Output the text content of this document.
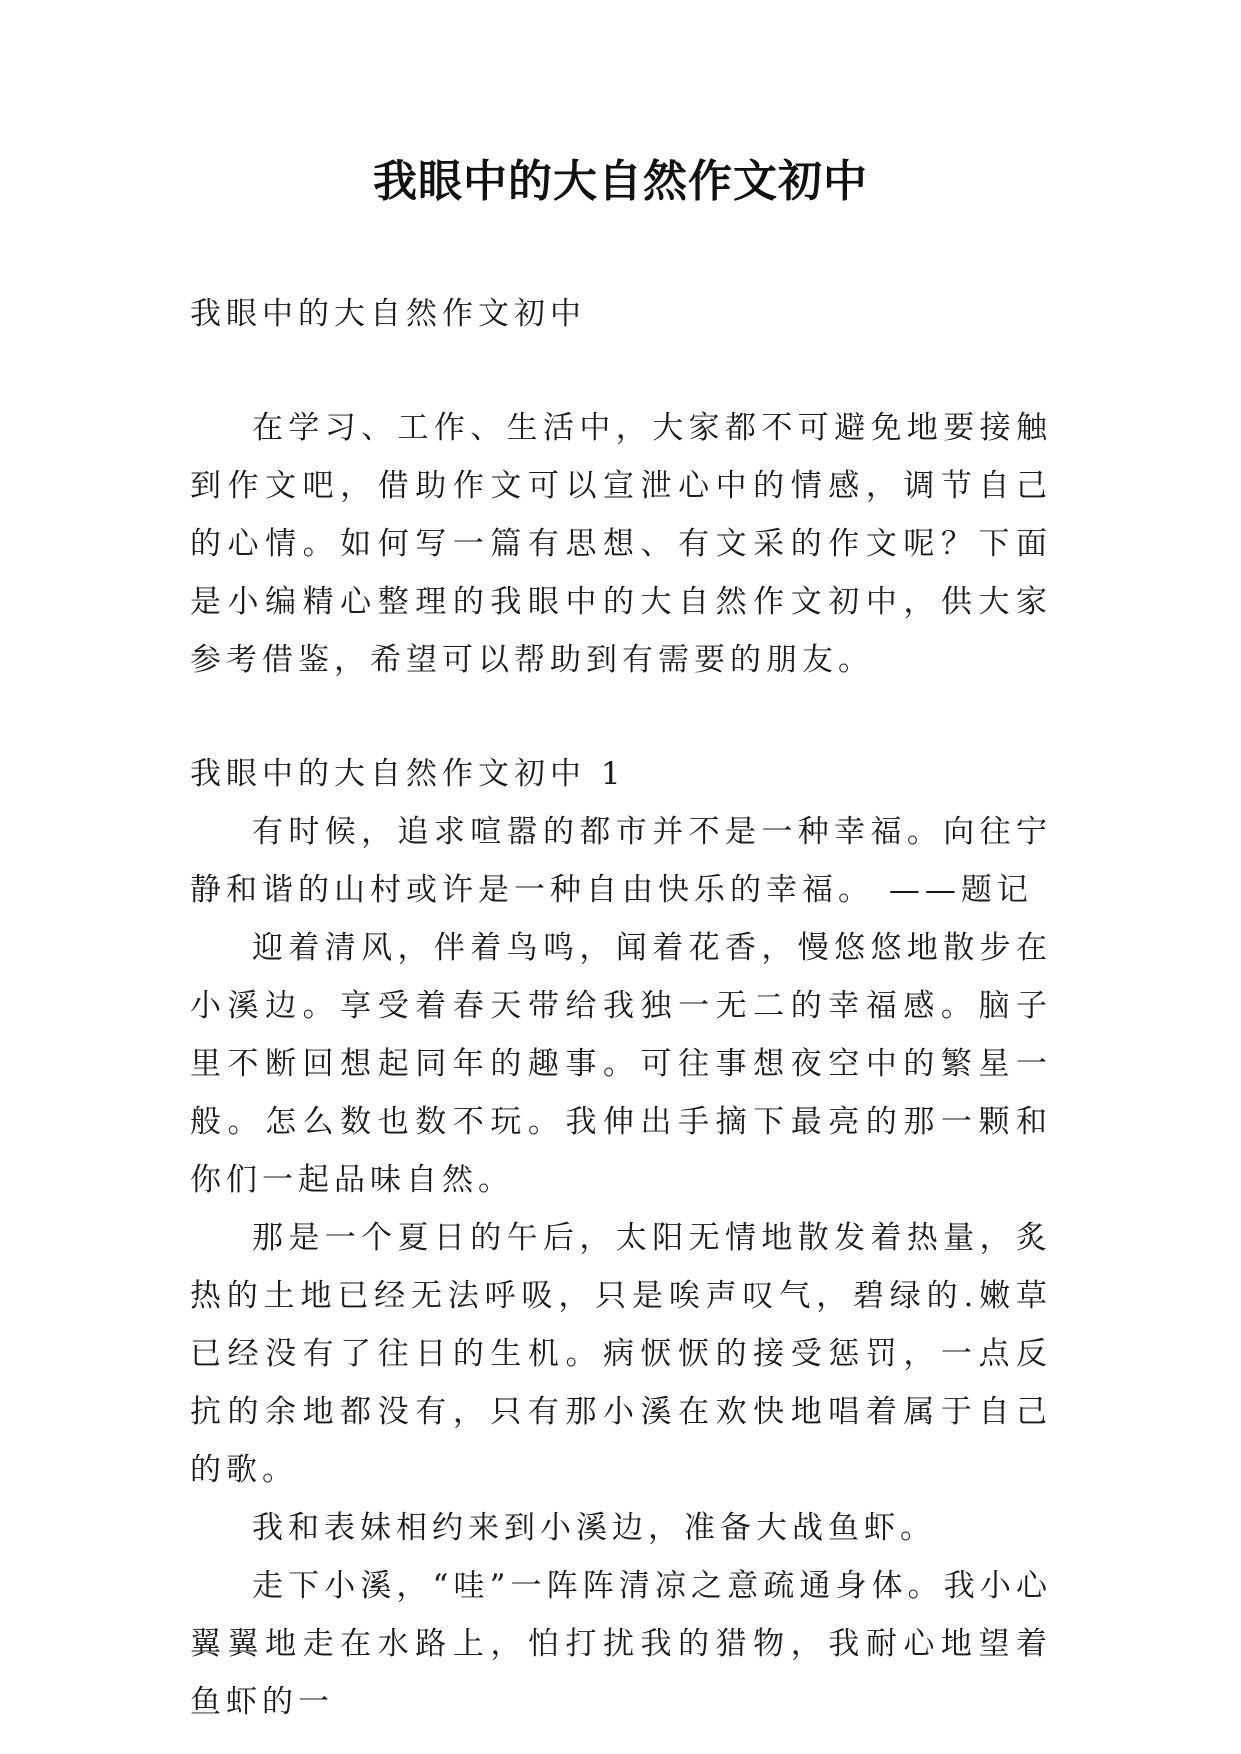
我眼中的大自然作文初中

我眼中的大自然作文初中

在学习、工作、生活中，大家都不可避免地要接触到作文吧，借助作文可以宣泄心中的情感，调节自己的心情。如何写一篇有思想、有文采的作文呢？下面是小编精心整理的我眼中的大自然作文初中，供大家参考借鉴，希望可以帮助到有需要的朋友。

我眼中的大自然作文初中 1

有时候，追求喧嚣的都市并不是一种幸福。向往宁静和谐的山村或许是一种自由快乐的幸福。 ——题记

迎着清风，伴着鸟鸣，闻着花香，慢悠悠地散步在小溪边。享受着春天带给我独一无二的幸福感。脑子里不断回想起同年的趣事。可往事想夜空中的繁星一般。怎么数也数不玩。我伸出手摘下最亮的那一颗和你们一起品味自然。

那是一个夏日的午后，太阳无情地散发着热量，炙热的土地已经无法呼吸，只是唉声叹气，碧绿的.嫩草已经没有了往日的生机。病恹恹的接受惩罚，一点反抗的余地都没有，只有那小溪在欢快地唱着属于自己的歌。

我和表妹相约来到小溪边，准备大战鱼虾。

走下小溪，“哇”一阵阵清凉之意疏通身体。我小心翼翼地走在水路上，怕打扰我的猎物，我耐心地望着鱼虾的一
